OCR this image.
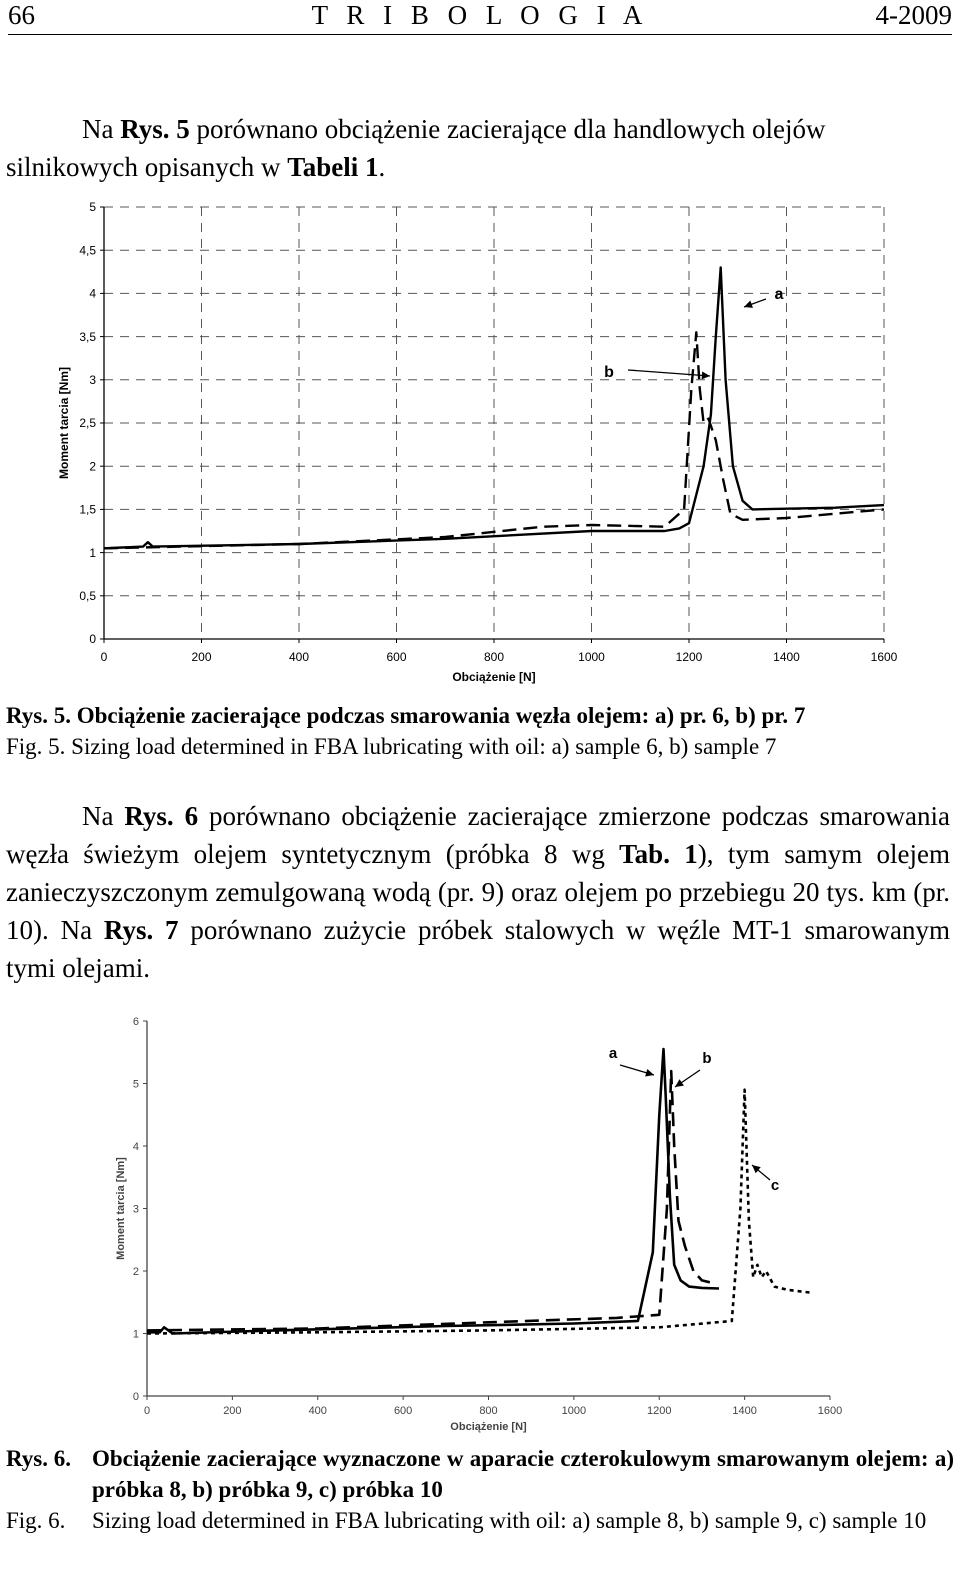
T R I B O L O G I A
66	4-2009

Na Rys. 5 porównano obciążenie zacierające dla handlowych olejów silnikowych opisanych w Tabeli 1.

0	200	400	600	800	1000	1200	1400	1600
0
0,5
1
1,5
2
2,5
3
3,5
4
4,5
5
Obciążenie [N]
Moment tarcia [Nm]
a
b
Rys. 5. Obciążenie zacierające podczas smarowania węzła olejem: a) pr. 6, b) pr. 7
Fig. 5. Sizing load determined in FBA lubricating with oil: a) sample 6, b) sample 7

Na Rys. 6 porównano obciążenie zacierające zmierzone podczas smarowania węzła świeżym olejem syntetycznym (próbka 8 wg Tab. 1), tym samym olejem zanieczyszczonym zemulgowaną wodą (pr. 9) oraz olejem po przebiegu 20 tys. km (pr. 10). Na Rys. 7 porównano zużycie próbek stalowych w węźle MT-1 smarowanym tymi olejami.

0	200	400	600	800	1000	1200	1400	1600
0
1
2
3
4
5
6
Obciążenie [N]
Moment tarcia [Nm]
a	b
c
Rys. 6. Obciążenie zacierające wyznaczone w aparacie czterokulowym smarowanym olejem: a) próbka 8, b) próbka 9, c) próbka 10
Fig. 6. Sizing load determined in FBA lubricating with oil: a) sample 8, b) sample 9, c) sample 10
